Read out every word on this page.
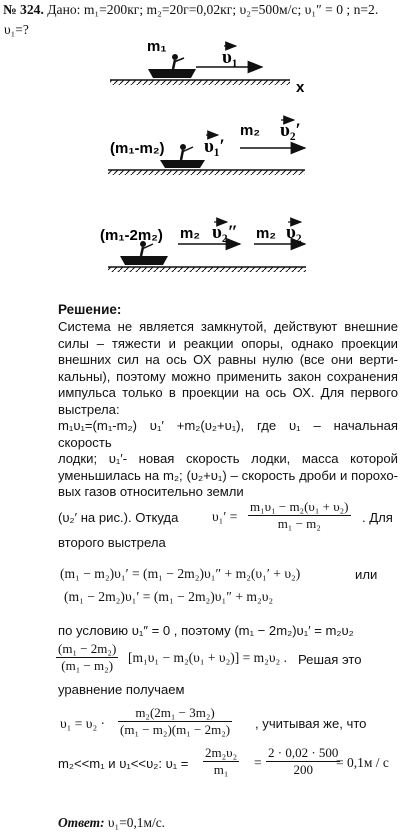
№ 324. Дано: m₁=200кг; m₂=20г=0,02кг; υ₂=500м/с; υ₁″ = 0 ; n=2.
υ₁=?
m₁
υ₁
x
(m₁-m₂) υ₁′
m₂ υ₂′
(m₁-2m₂) m₂ υ₂″ m₂ υ₂
Решение:
Система не является замкнутой, действуют внешние
силы – тяжести и реакции опоры, однако проекции
внешних сил на ось ОХ равны нулю (все они верти-
кальны), поэтому можно применить закон сохранения
импульса только в проекции на ось ОХ. Для первого
выстрела:
m₁υ₁=(m₁-m₂) υ₁′ +m₂(υ₂+υ₁), где υ₁ – начальная скорость
лодки; υ₁′- новая скорость лодки, масса которой
уменьшилась на m₂; (υ₂+υ₁) – скорость дроби и порохо-
вых газов относительно земли
(υ₂′ на рис.). Откуда $\upsilon_1' = \frac{\text{m₁υ₁ − m₂(υ₁ + υ₂)}}{\text{m₁ − m₂}}$ . Для
второго выстрела
(m₁ − m₂)υ₁′ = (m₁ − 2m₂)υ₁″ + m₂(υ₁′ + υ₂)	или
(m₁ − 2m₂)υ₁′ = (m₁ − 2m₂)υ₁″ + m₂υ₂
по условию υ₁″ = 0 , поэтому (m₁ − 2m₂)υ₁′ = m₂υ₂
$\frac{\text{(m₁ − 2m₂)}}{\text{(m₁ − m₂)}} [m_1\upsilon_1 - m_2(\upsilon_1 + \upsilon_2)] = m_2\upsilon_2$ . Решая это
уравнение получаем
$\upsilon_1 = \upsilon_2 \cdot \frac{\text{m₂(2m₁ − 3m₂)}}{\text{(m₁ − m₂)(m₁ − 2m₂)}}$ , учитывая же, что
m₂<<m₁ и υ₁<<υ₂: $\upsilon_1 = \frac{\text{2m₂υ₂}}{\text{m₁}} = \frac{2 \cdot 0,02 \cdot 500}{200}$
= 0,1м / с
Ответ: υ₁=0,1м/с.
